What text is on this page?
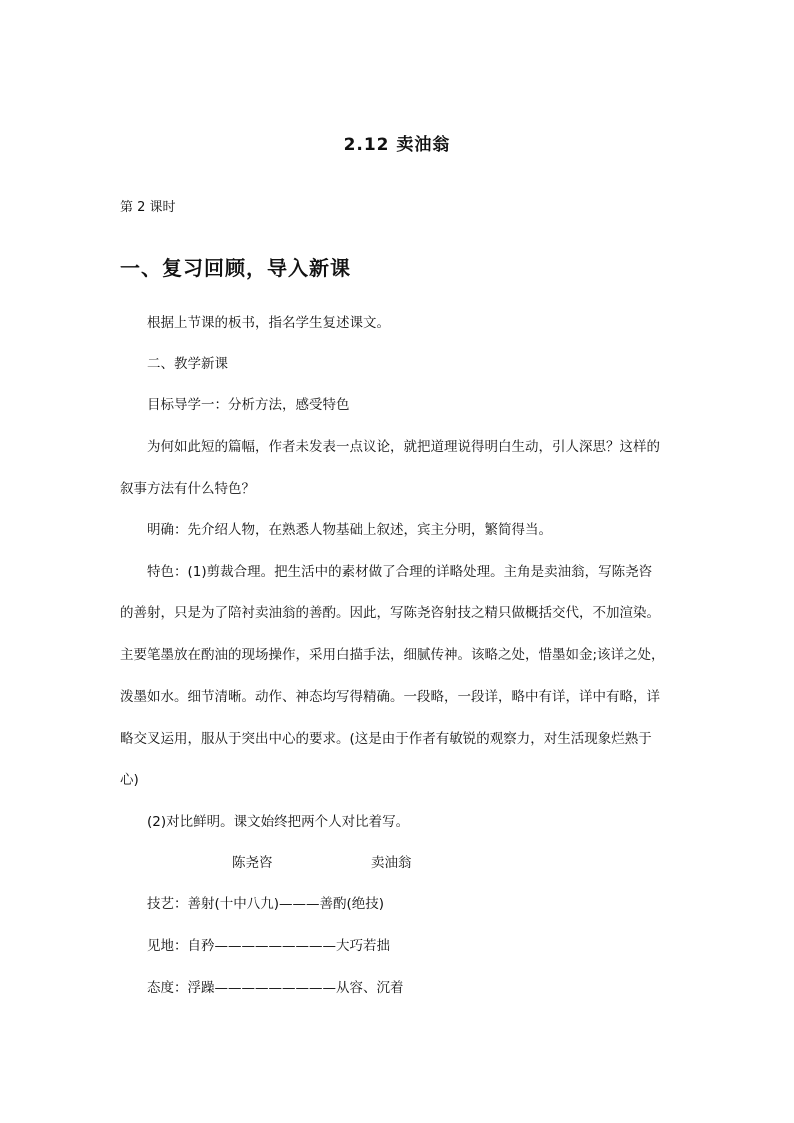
2.12 卖油翁
第 2 课时
一、复习回顾，导入新课
根据上节课的板书，指名学生复述课文。
二、教学新课
目标导学一：分析方法，感受特色
为何如此短的篇幅，作者未发表一点议论，就把道理说得明白生动，引人深思？这样的
叙事方法有什么特色？
明确：先介绍人物，在熟悉人物基础上叙述，宾主分明，繁简得当。
特色：(1)剪裁合理。把生活中的素材做了合理的详略处理。主角是卖油翁，写陈尧咨
的善射，只是为了陪衬卖油翁的善酌。因此，写陈尧咨射技之精只做概括交代，不加渲染。
主要笔墨放在酌油的现场操作，采用白描手法，细腻传神。该略之处，惜墨如金;该详之处，
泼墨如水。细节清晰。动作、神态均写得精确。一段略，一段详，略中有详，详中有略，详
略交叉运用，服从于突出中心的要求。(这是由于作者有敏锐的观察力，对生活现象烂熟于
心)
(2)对比鲜明。课文始终把两个人对比着写。
陈尧咨	卖油翁
技艺：善射(十中八九)———善酌(绝技)
见地：自矜—————————大巧若拙
态度：浮躁—————————从容、沉着
